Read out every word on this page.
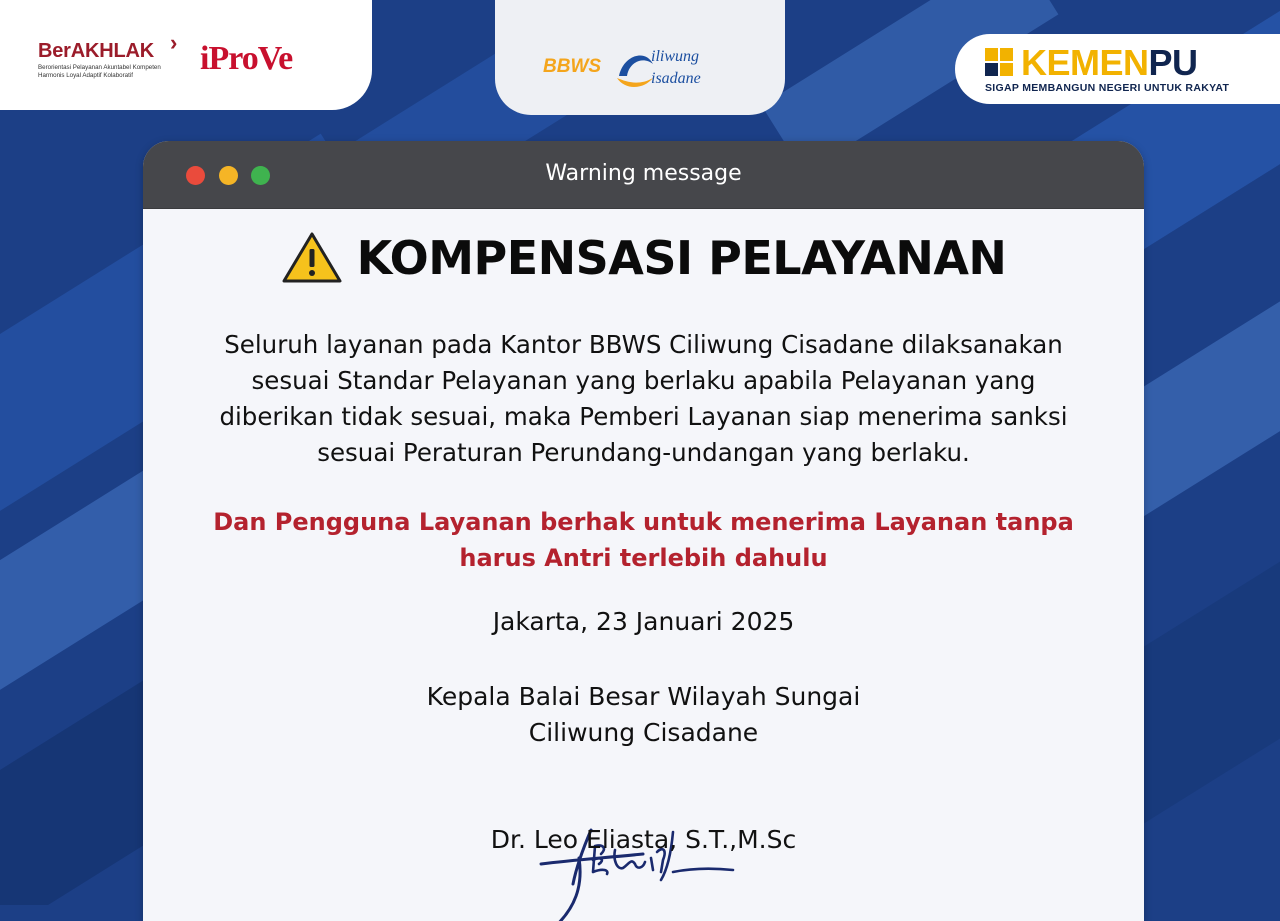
BerAKHLAK ›
Berorientasi Pelayanan Akuntabel Kompeten
Harmonis Loyal Adaptif Kolaboratif	iProVe	BBWS	iliwung
isadane	KEMENPU
SIGAP MEMBANGUN NEGERI UNTUK RAKYAT
Warning message
KOMPENSASI PELAYANAN

Seluruh layanan pada Kantor BBWS Ciliwung Cisadane dilaksanakan

sesuai Standar Pelayanan yang berlaku apabila Pelayanan yang

diberikan tidak sesuai, maka Pemberi Layanan siap menerima sanksi

sesuai Peraturan Perundang-undangan yang berlaku.

Dan Pengguna Layanan berhak untuk menerima Layanan tanpa

harus Antri terlebih dahulu

Jakarta, 23 Januari 2025

Kepala Balai Besar Wilayah Sungai

Ciliwung Cisadane

Dr. Leo Eliasta, S.T.,M.Sc
